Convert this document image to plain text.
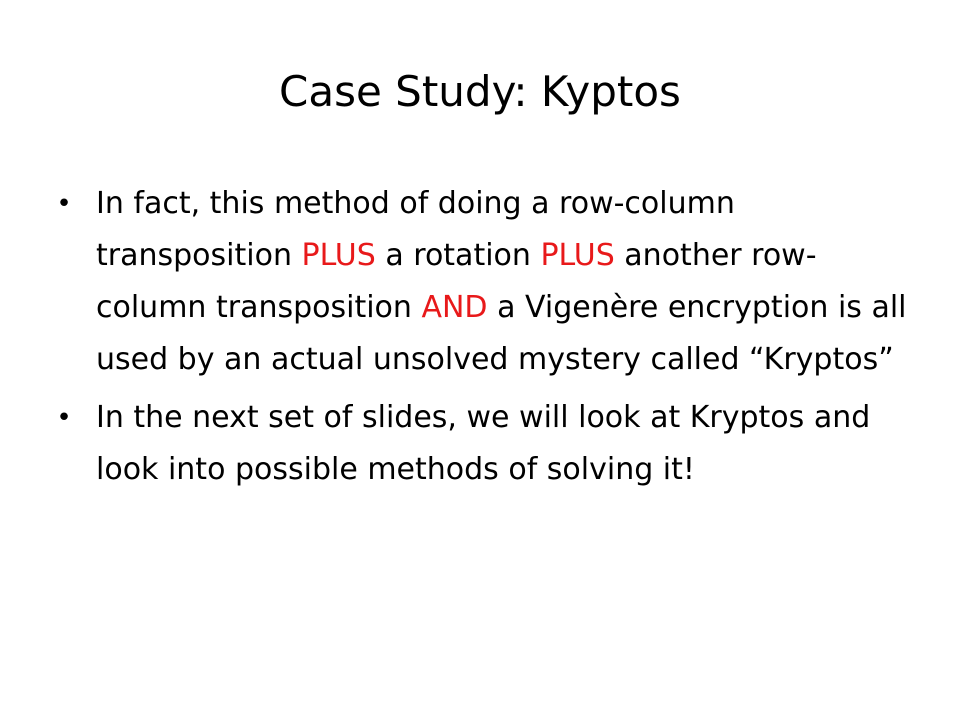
Case Study: Kyptos
• In fact, this method of doing a row-column transposition PLUS a rotation PLUS another row-column transposition AND a Vigenère encryption is all used by an actual unsolved mystery called “Kryptos”
• In the next set of slides, we will look at Kryptos and look into possible methods of solving it!
